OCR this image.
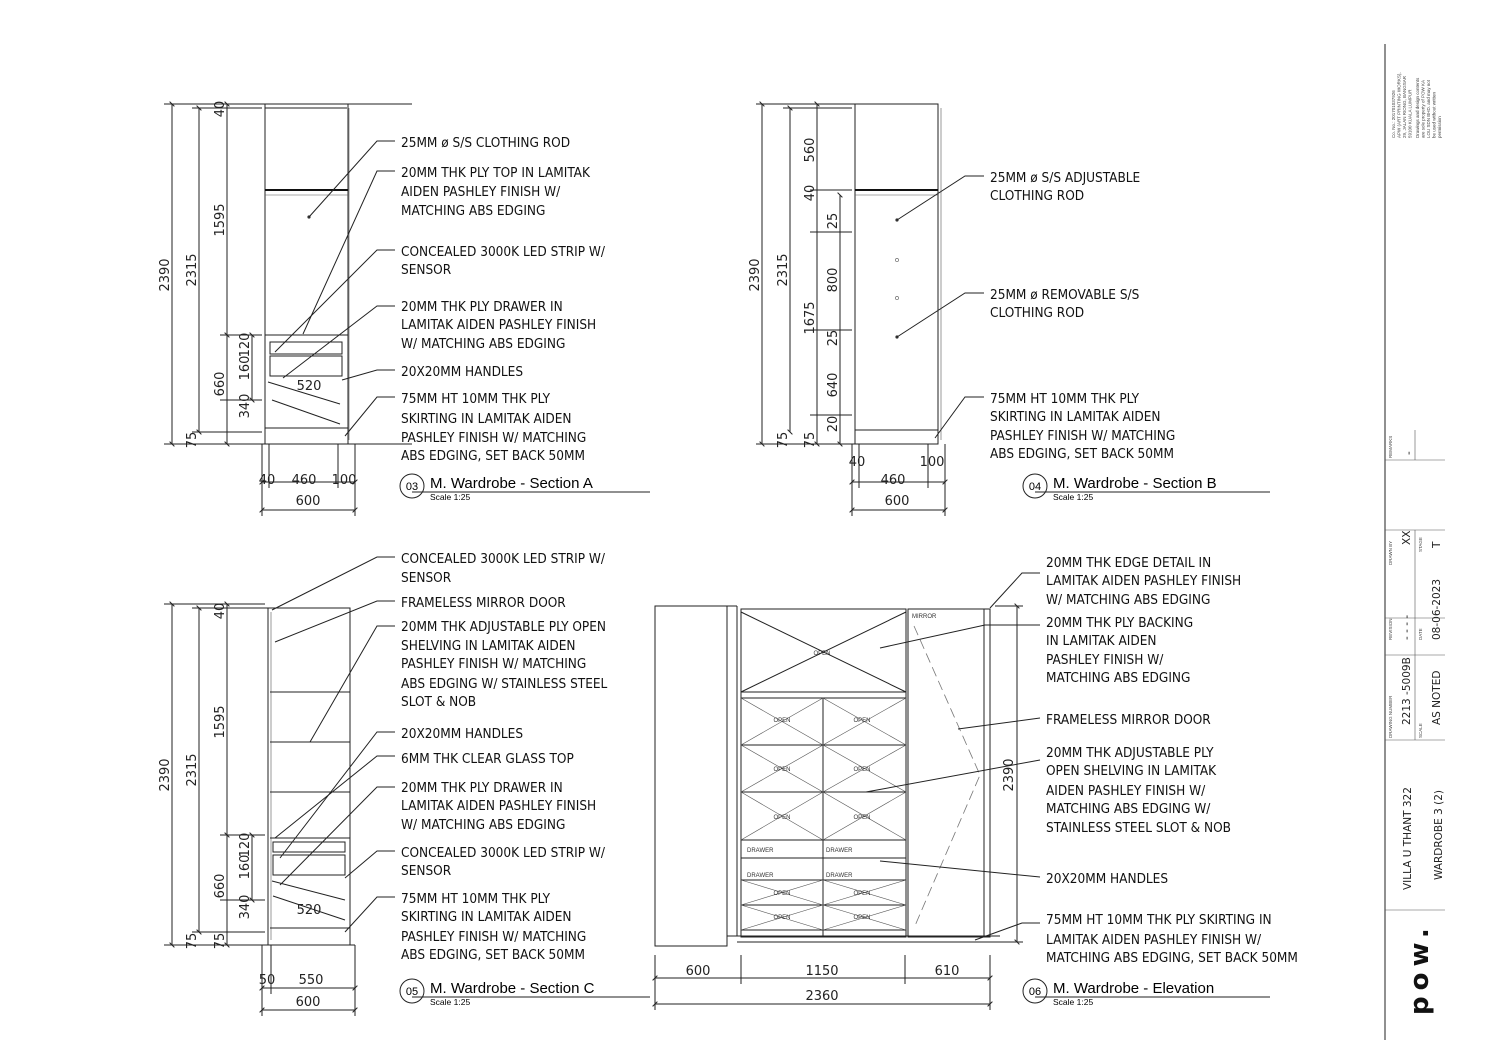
2390 2315
1595
40
660
160
120
340
75
40 460 100
600
520
25MM ø S/S CLOTHING ROD
20MM THK PLY TOP IN LAMITAK AIDEN PASHLEY FINISH W/ MATCHING ABS EDGING
CONCEALED 3000K LED STRIP W/ SENSOR
20MM THK PLY DRAWER IN LAMITAK AIDEN PASHLEY FINISH W/ MATCHING ABS EDGING
20X20MM HANDLES
75MM HT 10MM THK PLY SKIRTING IN LAMITAK AIDEN PASHLEY FINISH W/ MATCHING ABS EDGING, SET BACK 50MM
03 M. Wardrobe - Section A
Scale 1:25
2390 2315
560
40
25
800
1675
25
640
20
75 75
40
460
100
600
25MM ø S/S ADJUSTABLE CLOTHING ROD
25MM ø REMOVABLE S/S CLOTHING ROD
75MM HT 10MM THK PLY SKIRTING IN LAMITAK AIDEN PASHLEY FINISH W/ MATCHING ABS EDGING, SET BACK 50MM
04 M. Wardrobe - Section B
Scale 1:25
2390 2315
1595
40
660
160
120
340
75 75
50 550
600
520
CONCEALED 3000K LED STRIP W/ SENSOR
FRAMELESS MIRROR DOOR
20MM THK ADJUSTABLE PLY OPEN SHELVING IN LAMITAK AIDEN PASHLEY FINISH W/ MATCHING ABS EDGING W/ STAINLESS STEEL SLOT & NOB
20X20MM HANDLES
6MM THK CLEAR GLASS TOP
20MM THK PLY DRAWER IN LAMITAK AIDEN PASHLEY FINISH W/ MATCHING ABS EDGING
CONCEALED 3000K LED STRIP W/ SENSOR
75MM HT 10MM THK PLY SKIRTING IN LAMITAK AIDEN PASHLEY FINISH W/ MATCHING ABS EDGING, SET BACK 50MM
05 M. Wardrobe - Section C
Scale 1:25
OPEN
OPEN	OPEN
OPEN	OPEN
OPEN	OPEN
DRAWER	DRAWER
DRAWER	DRAWER
OPEN	OPEN
OPEN	OPEN
MIRROR
600	1150	610
2360
2390
20MM THK EDGE DETAIL IN LAMITAK AIDEN PASHLEY FINISH W/ MATCHING ABS EDGING
20MM THK PLY BACKING IN LAMITAK AIDEN PASHLEY FINISH W/ MATCHING ABS EDGING
FRAMELESS MIRROR DOOR
20MM THK ADJUSTABLE PLY OPEN SHELVING IN LAMITAK AIDEN PASHLEY FINISH W/ MATCHING ABS EDGING W/ STAINLESS STEEL SLOT & NOB
20X20MM HANDLES
75MM HT 10MM THK PLY SKIRTING IN LAMITAK AIDEN PASHLEY FINISH W/ MATCHING ABS EDGING, SET BACK 50MM
06 M. Wardrobe - Elevation
Scale 1:25
Co. No.: 201701037926 APW (ART PRINTING WORKS), 29, JALAN RIONG, BANGSAR 59100 KUALA LUMPUR Drawings and design contents are sole property of POW KA LOU SDN BHD. and may not be used without written permission
REMARKS -
DRAWN BY
XX STAGE T
REVISION - - - - DATE 08-06-2023
DRAWING NUMBER 2213 -5009B
SCALE
AS NOTED
VILLA U THANT 322 WARDROBE 3 (2)
pow.
